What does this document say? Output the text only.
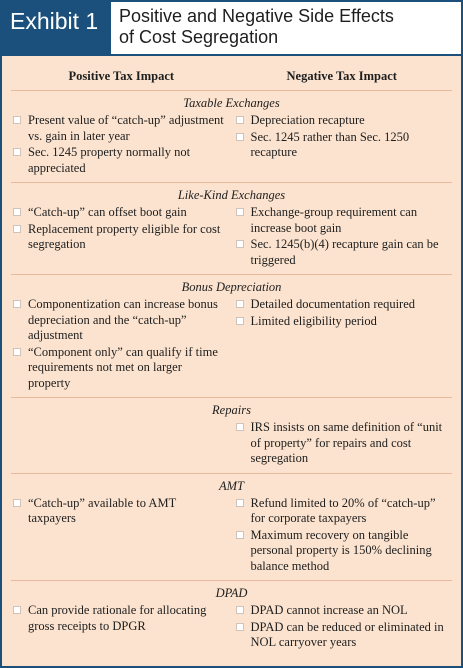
Exhibit 1	Positive and Negative Side Effects
of Cost Segregation
Positive Tax Impact	Negative Tax Impact
Taxable Exchanges
Present value of “catch-up” adjustment vs. gain in later year
Sec. 1245 property normally not appreciated
Depreciation recapture
Sec. 1245 rather than Sec. 1250 recapture
Like-Kind Exchanges
“Catch-up” can offset boot gain
Replacement property eligible for cost segregation
Exchange-group requirement can increase boot gain
Sec. 1245(b)(4) recapture gain can be triggered
Bonus Depreciation
Componentization can increase bonus depreciation and the “catch-up” adjustment
“Component only” can qualify if time requirements not met on larger property
Detailed documentation required
Limited eligibility period
Repairs
IRS insists on same definition of “unit of property” for repairs and cost segregation
AMT
“Catch-up” available to AMT taxpayers
Refund limited to 20% of “catch-up” for corporate taxpayers
Maximum recovery on tangible personal property is 150% declining balance method
DPAD
Can provide rationale for allocating gross receipts to DPGR
DPAD cannot increase an NOL
DPAD can be reduced or eliminated in NOL carryover years
